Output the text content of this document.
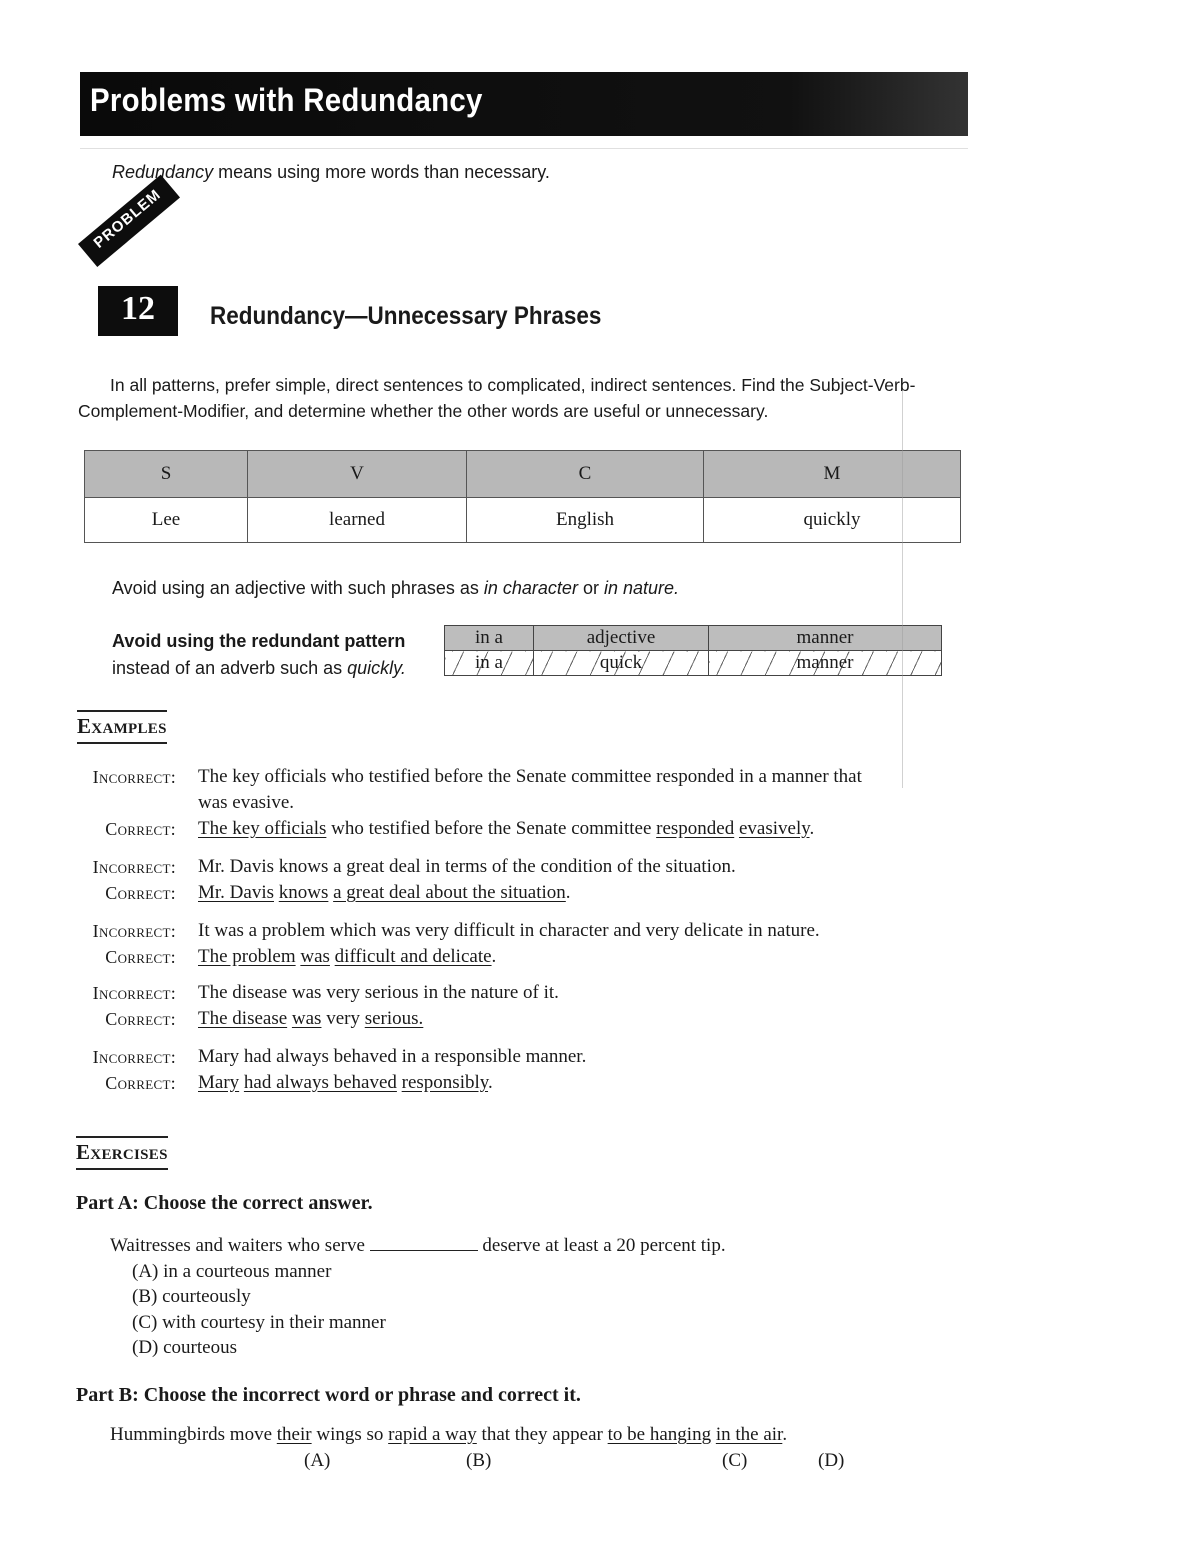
Problems with Redundancy
Redundancy means using more words than necessary.
PROBLEM
12	Redundancy—Unnecessary Phrases
In all patterns, prefer simple, direct sentences to complicated, indirect sentences. Find the Subject-Verb-Complement-Modifier, and determine whether the other words are useful or unnecessary.
S	V	C	M
Lee	learned	English	quickly
Avoid using an adjective with such phrases as in character or in nature.
Avoid using the redundant pattern
instead of an adverb such as quickly.
in a	adjective	manner
in a	quick	manner
Examples
Incorrect: The key officials who testified before the Senate committee responded in a manner that
was evasive.
Correct: The key officials who testified before the Senate committee responded evasively.
Incorrect: Mr. Davis knows a great deal in terms of the condition of the situation.
Correct: Mr. Davis knows a great deal about the situation.
Incorrect: It was a problem which was very difficult in character and very delicate in nature.
Correct: The problem was difficult and delicate.
Incorrect: The disease was very serious in the nature of it.
Correct: The disease was very serious.
Incorrect: Mary had always behaved in a responsible manner.
Correct: Mary had always behaved responsibly.
Exercises
Part A: Choose the correct answer.
Waitresses and waiters who serve	deserve at least a 20 percent tip.
(A) in a courteous manner
(B) courteously
(C) with courtesy in their manner
(D) courteous
Part B: Choose the incorrect word or phrase and correct it.
Hummingbirds move their wings so rapid a way that they appear to be hanging in the air.
(A)	(B)	(C)	(D)
